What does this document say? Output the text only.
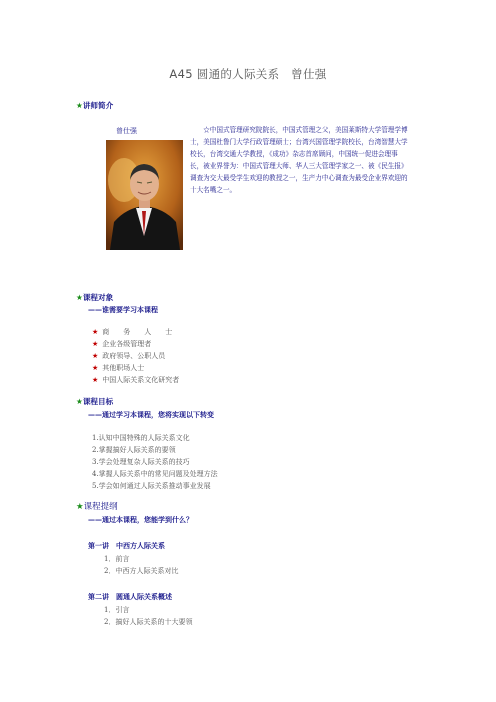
A45 圆通的人际关系　曾仕强
★讲师简介
曾仕强	☆中国式管理研究院院长，中国式管理之父，美国莱斯特大学管理学博士，美国杜鲁门大学行政管理硕士；台湾兴国管理学院校长，台湾智慧大学校长，台湾交通大学教授，《成功》杂志首席顾问，中国统一促进会理事长，被业界誉为：中国式管理大师、华人三大管理学家之一、被《民生报》调查为交大最受学生欢迎的教授之一，生产力中心调查为最受企业界欢迎的十大名嘴之一。
★课程对象
——谁需要学习本课程
★ 商　　务　　人　　士
★ 企业各级管理者
★ 政府领导、公职人员
★ 其他职场人士
★ 中国人际关系文化研究者
★课程目标
——通过学习本课程，您将实现以下转变
1.认知中国特殊的人际关系文化
2.掌握搞好人际关系的要领
3.学会处理复杂人际关系的技巧
4.掌握人际关系中的常见问题及处理方法
5.学会如何通过人际关系推动事业发展
★课程提纲
——通过本课程，您能学到什么？
第一讲　中西方人际关系
1．前言
2．中西方人际关系对比
第二讲　圆通人际关系概述
1．引言
2．搞好人际关系的十大要领
